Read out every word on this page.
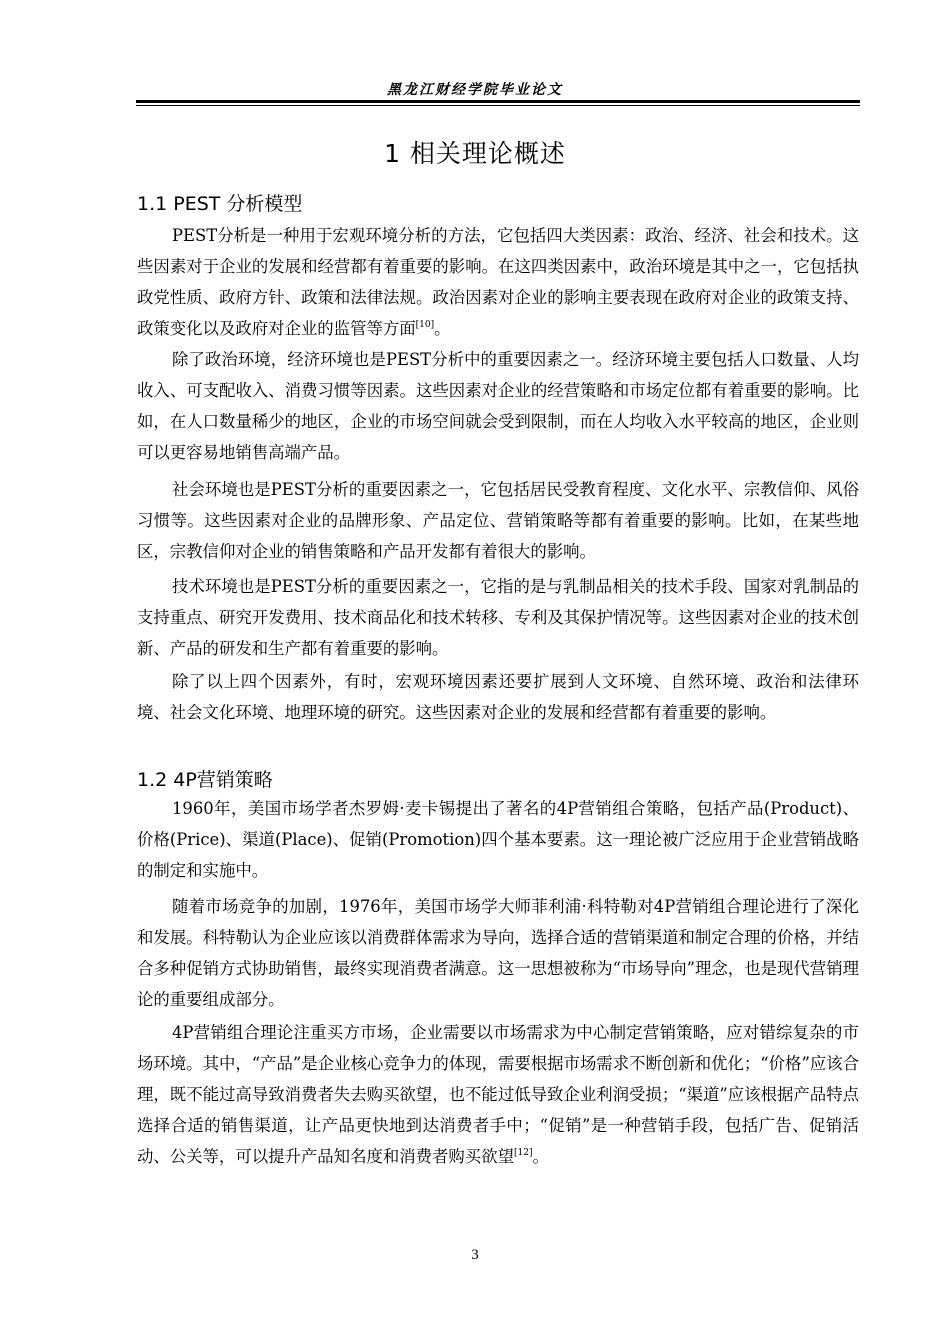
黑龙江财经学院毕业论文
1 相关理论概述
1.1 PEST 分析模型

PEST分析是一种用于宏观环境分析的方法，它包括四大类因素：政治、经济、社会和技术。这些因素对于企业的发展和经营都有着重要的影响。在这四类因素中，政治环境是其中之一，它包括执政党性质、政府方针、政策和法律法规。政治因素对企业的影响主要表现在政府对企业的政策支持、政策变化以及政府对企业的监管等方面[10]。

除了政治环境，经济环境也是PEST分析中的重要因素之一。经济环境主要包括人口数量、人均收入、可支配收入、消费习惯等因素。这些因素对企业的经营策略和市场定位都有着重要的影响。比如，在人口数量稀少的地区，企业的市场空间就会受到限制，而在人均收入水平较高的地区，企业则可以更容易地销售高端产品。

社会环境也是PEST分析的重要因素之一，它包括居民受教育程度、文化水平、宗教信仰、风俗习惯等。这些因素对企业的品牌形象、产品定位、营销策略等都有着重要的影响。比如，在某些地区，宗教信仰对企业的销售策略和产品开发都有着很大的影响。

技术环境也是PEST分析的重要因素之一，它指的是与乳制品相关的技术手段、国家对乳制品的支持重点、研究开发费用、技术商品化和技术转移、专利及其保护情况等。这些因素对企业的技术创新、产品的研发和生产都有着重要的影响。

除了以上四个因素外，有时，宏观环境因素还要扩展到人文环境、自然环境、政治和法律环境、社会文化环境、地理环境的研究。这些因素对企业的发展和经营都有着重要的影响。

1.2 4P营销策略

1960年，美国市场学者杰罗姆·麦卡锡提出了著名的4P营销组合策略，包括产品(Product)、价格(Price)、渠道(Place)、促销(Promotion)四个基本要素。这一理论被广泛应用于企业营销战略的制定和实施中。

随着市场竞争的加剧，1976年，美国市场学大师菲利浦·科特勒对4P营销组合理论进行了深化和发展。科特勒认为企业应该以消费群体需求为导向，选择合适的营销渠道和制定合理的价格，并结合多种促销方式协助销售，最终实现消费者满意。这一思想被称为“市场导向”理念，也是现代营销理论的重要组成部分。

4P营销组合理论注重买方市场，企业需要以市场需求为中心制定营销策略，应对错综复杂的市场环境。其中，“产品”是企业核心竞争力的体现，需要根据市场需求不断创新和优化；“价格”应该合理，既不能过高导致消费者失去购买欲望，也不能过低导致企业利润受损；“渠道”应该根据产品特点选择合适的销售渠道，让产品更快地到达消费者手中；“促销”是一种营销手段，包括广告、促销活动、公关等，可以提升产品知名度和消费者购买欲望[12]。

3
